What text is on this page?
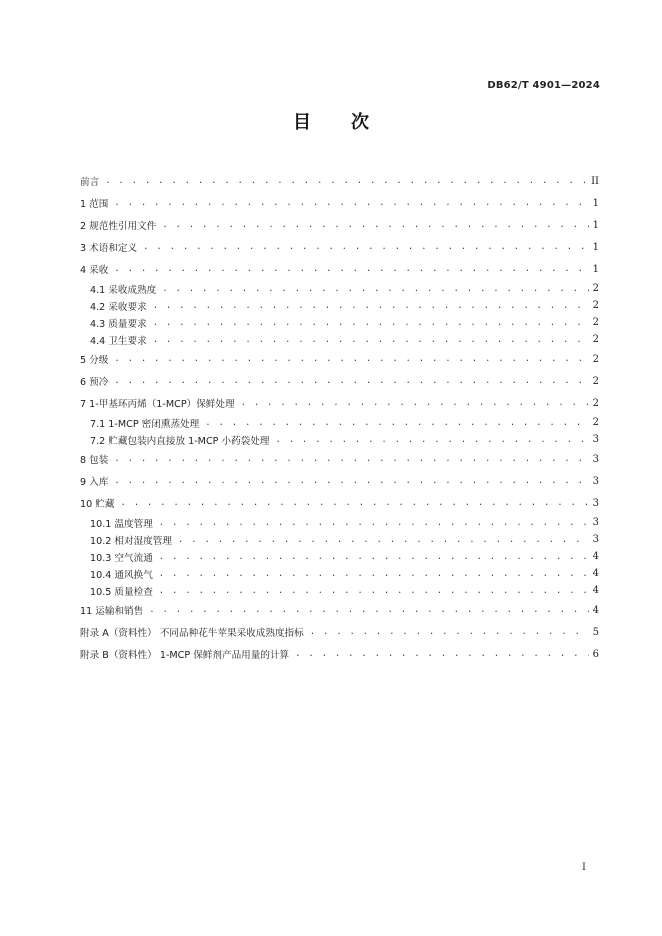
DB62/T 4901—2024
目 次
前言 . . .	II
1 范围 . . .	1
2 规范性引用文件 . . .	1
3 术语和定义 . . .	1
4 采收 . . .	1
4.1 采收成熟度 . . .	2
4.2 采收要求 . . .	2
4.3 质量要求 . . .	2
4.4 卫生要求 . . .	2
5 分级 . . .	2
6 预冷 . . .	2
7 1-甲基环丙烯（1-MCP）保鲜处理 . . .	2
7.1 1-MCP 密闭熏蒸处理 . . .	2
7.2 贮藏包装内直接放 1-MCP 小药袋处理 . . .	3
8 包装 . . .	3
9 入库 . . .	3
10 贮藏 . . .	3
10.1 温度管理 . . .	3
10.2 相对湿度管理 . . .	3
10.3 空气流通 . . .	4
10.4 通风换气 . . .	4
10.5 质量检查 . . .	4
11 运输和销售 . . .	4
附录 A（资料性） 不同品种花牛苹果采收成熟度指标 . . .	5
附录 B（资料性） 1-MCP 保鲜剂产品用量的计算 . . .	6
I
